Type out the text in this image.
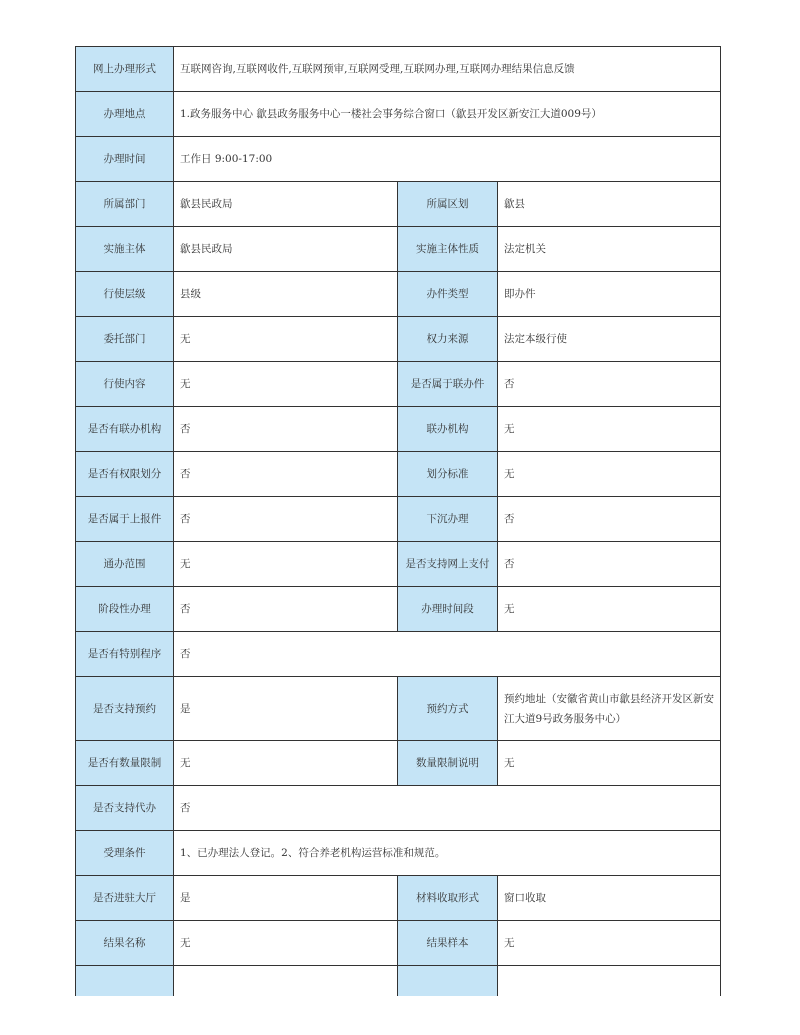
网上办理形式	互联网咨询,互联网收件,互联网预审,互联网受理,互联网办理,互联网办理结果信息反馈		
办理地点	1.政务服务中心 歙县政务服务中心一楼社会事务综合窗口（歙县开发区新安江大道009号）		
办理时间	工作日 9:00-17:00		
所属部门	歙县民政局	所属区划	歙县
实施主体	歙县民政局	实施主体性质	法定机关
行使层级	县级	办件类型	即办件
委托部门	无	权力来源	法定本级行使
行使内容	无	是否属于联办件	否
是否有联办机构	否	联办机构	无
是否有权限划分	否	划分标准	无
是否属于上报件	否	下沉办理	否
通办范围	无	是否支持网上支付	否
阶段性办理	否	办理时间段	无
是否有特别程序	否		
是否支持预约	是	预约方式	预约地址（安徽省黄山市歙县经济开发区新安江大道9号政务服务中心）
是否有数量限制	无	数量限制说明	无
是否支持代办	否		
受理条件	1、已办理法人登记。2、符合养老机构运营标准和规范。		
是否进驻大厅	是	材料收取形式	窗口收取
结果名称	无	结果样本	无
